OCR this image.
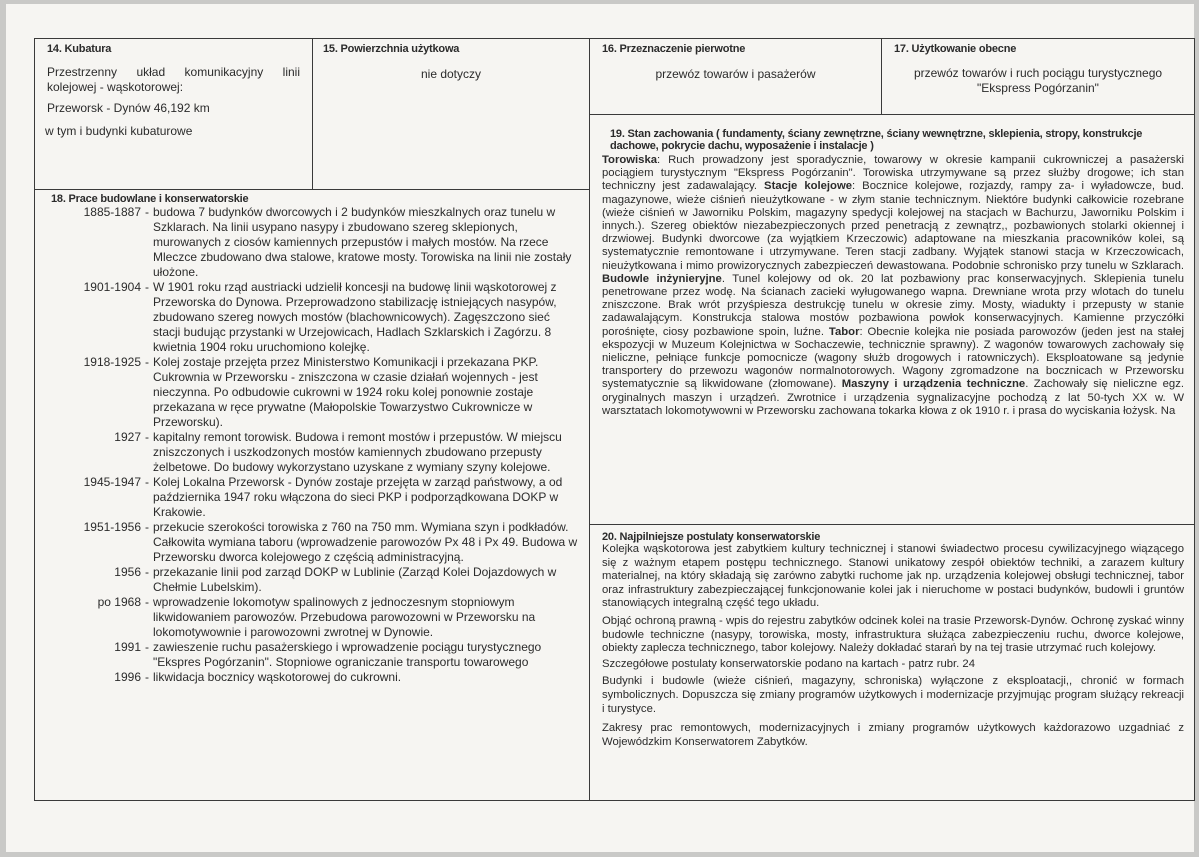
14. Kubatura
Przestrzenny układ komunikacyjny linii kolejowej - wąskotorowej:
Przeworsk - Dynów 46,192 km
w tym i budynki kubaturowe
15. Powierzchnia użytkowa
nie dotyczy
16. Przeznaczenie pierwotne
przewóz towarów i pasażerów
17. Użytkowanie obecne
przewóz towarów i ruch pociągu turystycznego "Ekspress Pogórzanin"
18. Prace budowlane i konserwatorskie
1885-1887 - budowa 7 budynków dworcowych i 2 budynków mieszkalnych oraz tunelu w Szklarach. Na linii usypano nasypy i zbudowano szereg sklepionych, murowanych z ciosów kamiennych przepustów i małych mostów. Na rzece Mleczce zbudowano dwa stalowe, kratowe mosty. Torowiska na linii nie zostały ułożone.
1901-1904 - W 1901 roku rząd austriacki udzielił koncesji na budowę linii wąskotorowej z Przeworska do Dynowa. Przeprowadzono stabilizację istniejących nasypów, zbudowano szereg nowych mostów (blachownicowych). Zagęszczono sieć stacji budując przystanki w Urzejowicach, Hadlach Szklarskich i Zagórzu. 8 kwietnia 1904 roku uruchomiono kolejkę.
1918-1925 - Kolej zostaje przejęta przez Ministerstwo Komunikacji i przekazana PKP. Cukrownia w Przeworsku - zniszczona w czasie działań wojennych - jest nieczynna. Po odbudowie cukrowni w 1924 roku kolej ponownie zostaje przekazana w ręce prywatne (Małopolskie Towarzystwo Cukrownicze w Przeworsku).
1927 - kapitalny remont torowisk. Budowa i remont mostów i przepustów. W miejscu zniszczonych i uszkodzonych mostów kamiennych zbudowano przepusty żelbetowe. Do budowy wykorzystano uzyskane z wymiany szyny kolejowe.
1945-1947 - Kolej Lokalna Przeworsk - Dynów zostaje przejęta w zarząd państwowy, a od października 1947 roku włączona do sieci PKP i podporządkowana DOKP w Krakowie.
1951-1956 - przekucie szerokości torowiska z 760 na 750 mm. Wymiana szyn i podkładów. Całkowita wymiana taboru (wprowadzenie parowozów Px 48 i Px 49. Budowa w Przeworsku dworca kolejowego z częścią administracyjną.
1956 - przekazanie linii pod zarząd DOKP w Lublinie (Zarząd Kolei Dojazdowych w Chełmie Lubelskim).
po 1968 - wprowadzenie lokomotyw spalinowych z jednoczesnym stopniowym likwidowaniem parowozów. Przebudowa parowozowni w Przeworsku na lokomotywownie i parowozowni zwrotnej w Dynowie.
1991 - zawieszenie ruchu pasażerskiego i wprowadzenie pociągu turystycznego "Ekspres Pogórzanin". Stopniowe ograniczanie transportu towarowego
1996 - likwidacja bocznicy wąskotorowej do cukrowni.
19. Stan zachowania ( fundamenty, ściany zewnętrzne, ściany wewnętrzne, sklepienia, stropy, konstrukcje dachowe, pokrycie dachu, wyposażenie i instalacje )
Torowiska: Ruch prowadzony jest sporadycznie, towarowy w okresie kampanii cukrowniczej a pasażerski pociągiem turystycznym "Ekspress Pogórzanin". Torowiska utrzymywane są przez służby drogowe; ich stan techniczny jest zadawalający. Stacje kolejowe: Bocznice kolejowe, rozjazdy, rampy za- i wyładowcze, bud. magazynowe, wieże ciśnień nieużytkowane - w złym stanie technicznym. Niektóre budynki całkowicie rozebrane (wieże ciśnień w Jaworniku Polskim, magazyny spedycji kolejowej na stacjach w Bachurzu, Jaworniku Polskim i innych.). Szereg obiektów niezabezpieczonych przed penetracją z zewnątrz,, pozbawionych stolarki okiennej i drzwiowej. Budynki dworcowe (za wyjątkiem Krzeczowic) adaptowane na mieszkania pracowników kolei, są systematycznie remontowane i utrzymywane. Teren stacji zadbany. Wyjątek stanowi stacja w Krzeczowicach, nieużytkowana i mimo prowizorycznych zabezpieczeń dewastowana. Podobnie schronisko przy tunelu w Szklarach. Budowle inżynieryjne. Tunel kolejowy od ok. 20 lat pozbawiony prac konserwacyjnych. Sklepienia tunelu penetrowane przez wodę. Na ścianach zacieki wyługowanego wapna. Drewniane wrota przy wlotach do tunelu zniszczone. Brak wrót przyśpiesza destrukcję tunelu w okresie zimy. Mosty, wiadukty i przepusty w stanie zadawalającym. Konstrukcja stalowa mostów pozbawiona powłok konserwacyjnych. Kamienne przyczółki porośnięte, ciosy pozbawione spoin, luźne. Tabor: Obecnie kolejka nie posiada parowozów (jeden jest na stałej ekspozycji w Muzeum Kolejnictwa w Sochaczewie, technicznie sprawny). Z wagonów towarowych zachowały się nieliczne, pełniące funkcje pomocnicze (wagony służb drogowych i ratowniczych). Eksploatowane są jedynie transportery do przewozu wagonów normalnotorowych. Wagony zgromadzone na bocznicach w Przeworsku systematycznie są likwidowane (złomowane). Maszyny i urządzenia techniczne. Zachowały się nieliczne egz. oryginalnych maszyn i urządzeń. Zwrotnice i urządzenia sygnalizacyjne pochodzą z lat 50-tych XX w. W warsztatach lokomotywowni w Przeworsku zachowana tokarka kłowa z ok 1910 r. i prasa do wyciskania łożysk. Na
20. Najpilniejsze postulaty konserwatorskie
Kolejka wąskotorowa jest zabytkiem kultury technicznej i stanowi świadectwo procesu cywilizacyjnego wiązącego się z ważnym etapem postępu technicznego. Stanowi unikatowy zespół obiektów techniki, a zarazem kultury materialnej, na który składają się zarówno zabytki ruchome jak np. urządzenia kolejowej obsługi technicznej, tabor oraz infrastruktury zabezpieczającej funkcjonowanie kolei jak i nieruchome w postaci budynków, budowli i gruntów stanowiących integralną część tego układu.
Objąć ochroną prawną - wpis do rejestru zabytków odcinek kolei na trasie Przeworsk-Dynów. Ochronę zyskać winny budowle techniczne (nasypy, torowiska, mosty, infrastruktura służąca zabezpieczeniu ruchu, dworce kolejowe, obiekty zaplecza technicznego, tabor kolejowy. Należy dokładać starań by na tej trasie utrzymać ruch kolejowy.
Szczegółowe postulaty konserwatorskie podano na kartach - patrz rubr. 24
Budynki i budowle (wieże ciśnień, magazyny, schroniska) wyłączone z eksploatacji,, chronić w formach symbolicznych. Dopuszcza się zmiany programów użytkowych i modernizacje przyjmując program służący rekreacji i turystyce.
Zakresy prac remontowych, modernizacyjnych i zmiany programów użytkowych każdorazowo uzgadniać z Wojewódzkim Konserwatorem Zabytków.
